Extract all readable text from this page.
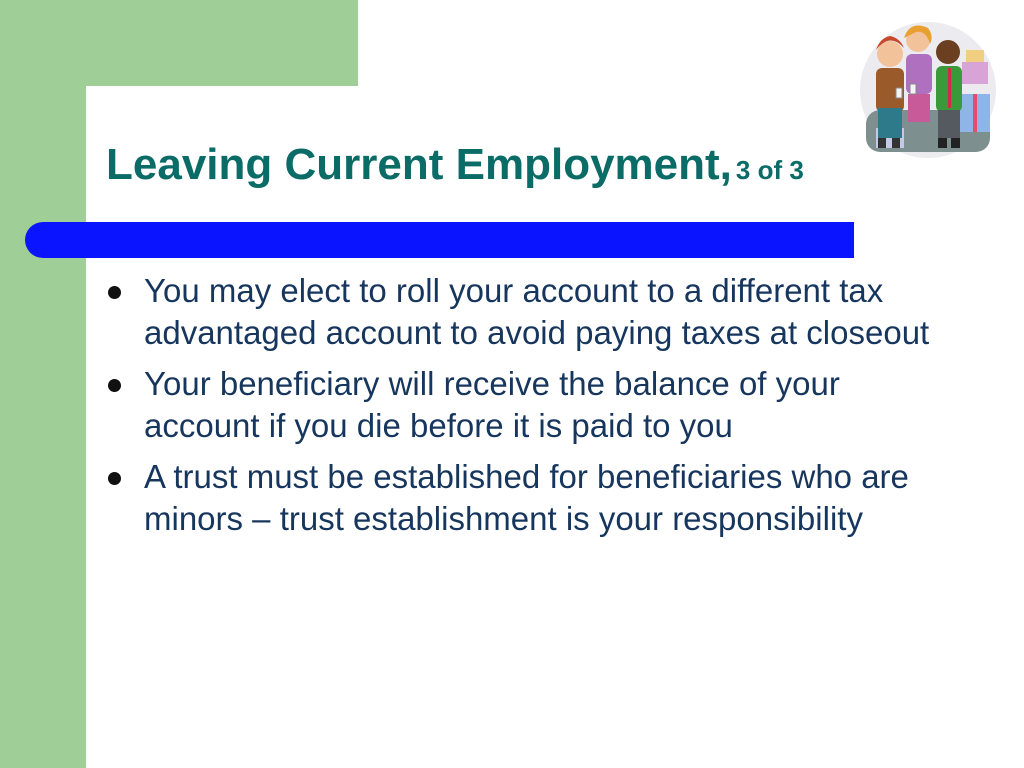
Leaving Current Employment, 3 of 3
You may elect to roll your account to a different tax advantaged account to avoid paying taxes at closeout
Your beneficiary will receive the balance of your account if you die before it is paid to you
A trust must be established for beneficiaries who are minors – trust establishment is your responsibility
